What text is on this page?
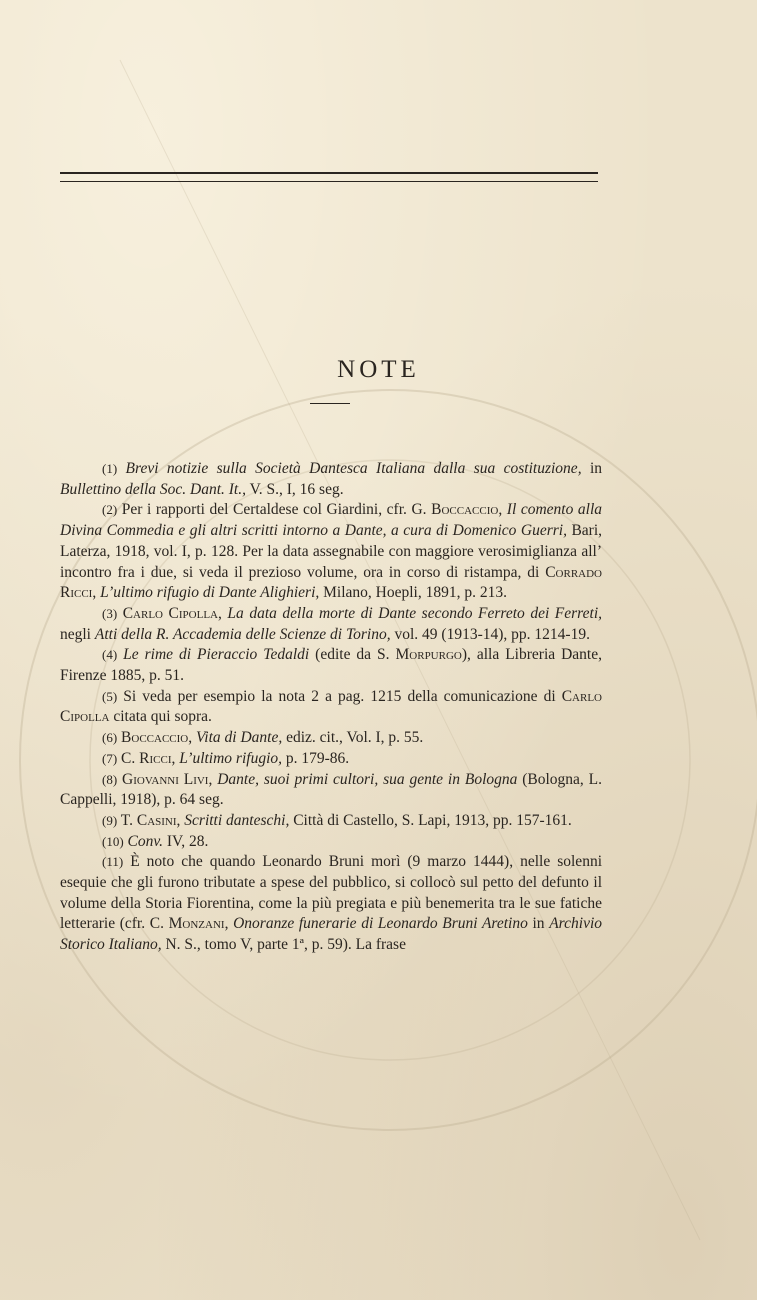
NOTE

(1) Brevi notizie sulla Società Dantesca Italiana dalla sua costituzione, in Bullettino della Soc. Dant. It., V. S., I, 16 seg.

(2) Per i rapporti del Certaldese col Giardini, cfr. G. Boccaccio, Il comento alla Divina Commedia e gli altri scritti intorno a Dante, a cura di Domenico Guerri, Bari, Laterza, 1918, vol. I, p. 128. Per la data assegnabile con maggiore verosimiglianza all’ incontro fra i due, si veda il prezioso volume, ora in corso di ristampa, di Corrado Ricci, L’ultimo rifugio di Dante Alighieri, Milano, Hoepli, 1891, p. 213.

(3) Carlo Cipolla, La data della morte di Dante secondo Ferreto dei Ferreti, negli Atti della R. Accademia delle Scienze di Torino, vol. 49 (1913-14), pp. 1214-19.

(4) Le rime di Pieraccio Tedaldi (edite da S. Morpurgo), alla Libreria Dante, Firenze 1885, p. 51.

(5) Si veda per esempio la nota 2 a pag. 1215 della comunicazione di Carlo Cipolla citata qui sopra.

(6) Boccaccio, Vita di Dante, ediz. cit., Vol. I, p. 55.

(7) C. Ricci, L’ultimo rifugio, p. 179-86.

(8) Giovanni Livi, Dante, suoi primi cultori, sua gente in Bologna (Bologna, L. Cappelli, 1918), p. 64 seg.

(9) T. Casini, Scritti danteschi, Città di Castello, S. Lapi, 1913, pp. 157-161.

(10) Conv. IV, 28.

(11) È noto che quando Leonardo Bruni morì (9 marzo 1444), nelle solenni esequie che gli furono tributate a spese del pubblico, si collocò sul petto del defunto il volume della Storia Fiorentina, come la più pregiata e più benemerita tra le sue fatiche letterarie (cfr. C. Monzani, Onoranze funerarie di Leonardo Bruni Aretino in Archivio Storico Italiano, N. S., tomo V, parte 1ª, p. 59). La frase
